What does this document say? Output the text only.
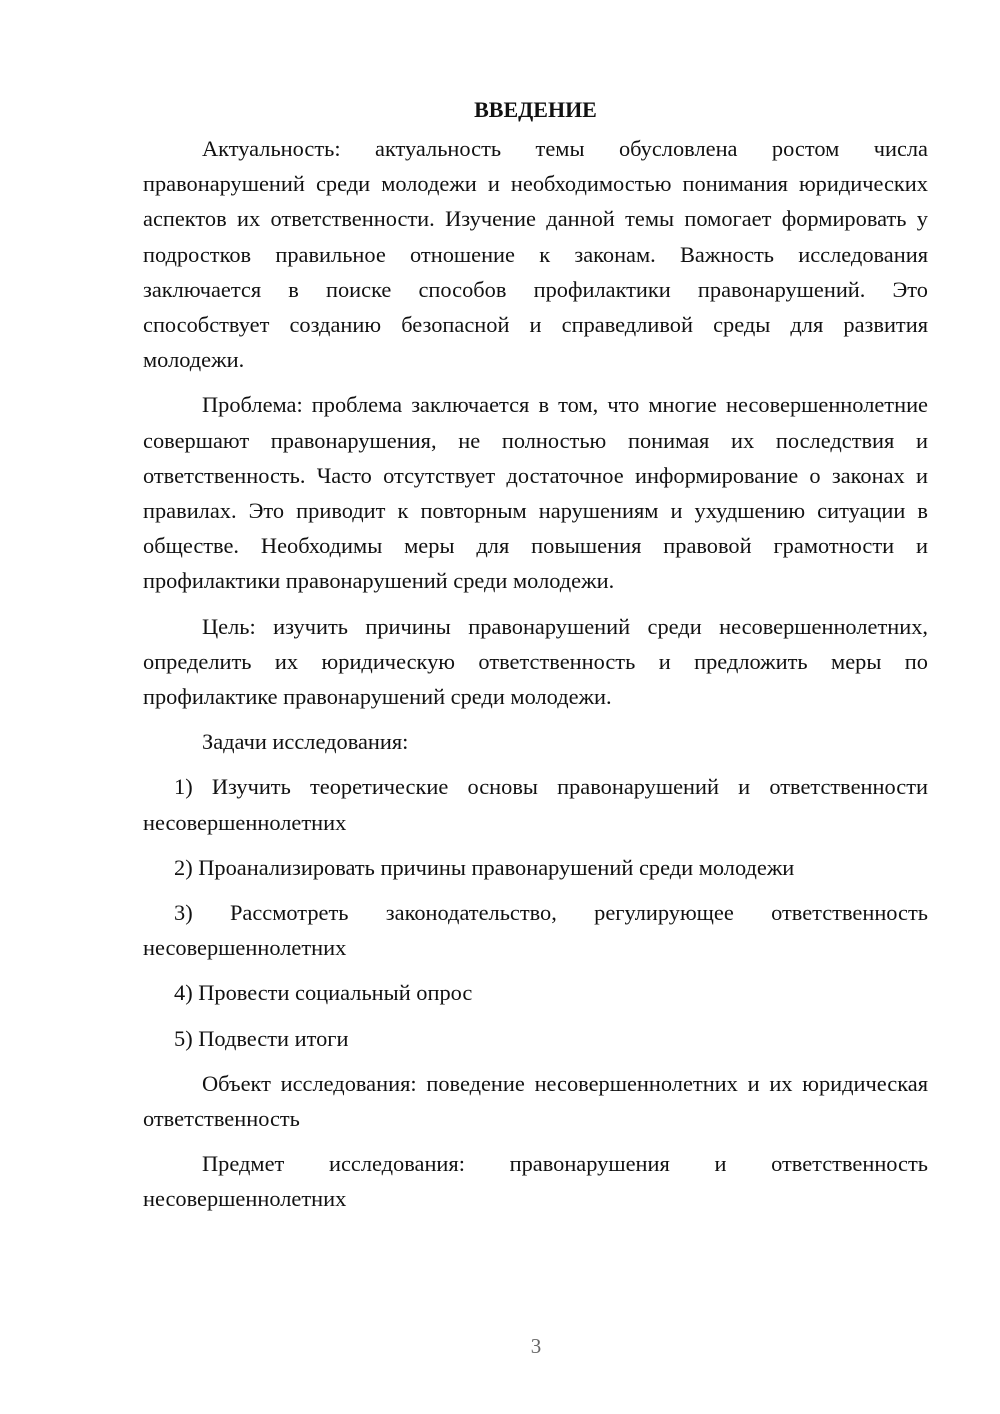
ВВЕДЕНИЕ

Актуальность: актуальность темы обусловлена ростом числа правонарушений среди молодежи и необходимостью понимания юридических аспектов их ответственности. Изучение данной темы помогает формировать у подростков правильное отношение к законам. Важность исследования заключается в поиске способов профилактики правонарушений. Это способствует созданию безопасной и справедливой среды для развития молодежи.

Проблема: проблема заключается в том, что многие несовершеннолетние совершают правонарушения, не полностью понимая их последствия и ответственность. Часто отсутствует достаточное информирование о законах и правилах. Это приводит к повторным нарушениям и ухудшению ситуации в обществе. Необходимы меры для повышения правовой грамотности и профилактики правонарушений среди молодежи.

Цель: изучить причины правонарушений среди несовершеннолетних, определить их юридическую ответственность и предложить меры по профилактике правонарушений среди молодежи.

Задачи исследования:

1) Изучить теоретические основы правонарушений и ответственности несовершеннолетних

2) Проанализировать причины правонарушений среди молодежи

3) Рассмотреть законодательство, регулирующее ответственность несовершеннолетних

4) Провести социальный опрос

5) Подвести итоги

Объект исследования: поведение несовершеннолетних и их юридическая ответственность

Предмет исследования: правонарушения и ответственность несовершеннолетних

3
